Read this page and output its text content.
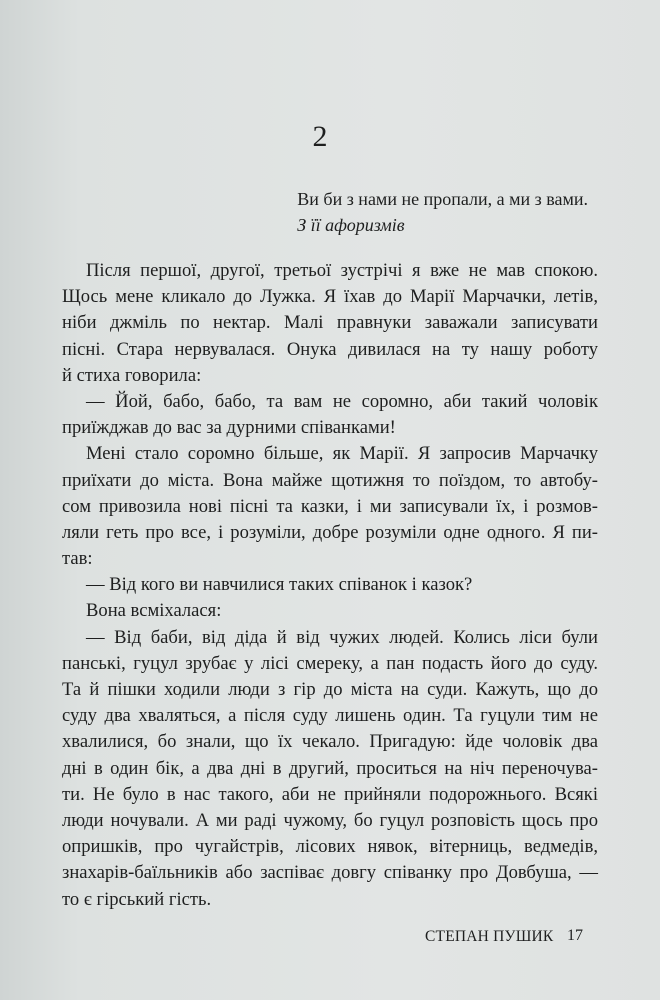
2
Ви би з нами не пропали, а ми з вами.
З її афоризмів
Після першої, другої, третьої зустрічі я вже не мав спокою.
Щось мене кликало до Лужка. Я їхав до Марії Марчачки, летів,
ніби джміль по нектар. Малі правнуки заважали записувати
пісні. Стара нервувалася. Онука дивилася на ту нашу роботу
й стиха говорила:
— Йой, бабо, бабо, та вам не соромно, аби такий чоловік
приїжджав до вас за дурними співанками!
Мені стало соромно більше, як Марії. Я запросив Марчачку
приїхати до міста. Вона майже щотижня то поїздом, то автобу-
сом привозила нові пісні та казки, і ми записували їх, і розмов-
ляли геть про все, і розуміли, добре розуміли одне одного. Я пи-
тав:
— Від кого ви навчилися таких співанок і казок?
Вона всміхалася:
— Від баби, від діда й від чужих людей. Колись ліси були
панські, гуцул зрубає у лісі смереку, а пан подасть його до суду.
Та й пішки ходили люди з гір до міста на суди. Кажуть, що до
суду два хваляться, а після суду лишень один. Та гуцули тим не
хвалилися, бо знали, що їх чекало. Пригадую: йде чоловік два
дні в один бік, а два дні в другий, проситься на ніч переночува-
ти. Не було в нас такого, аби не прийняли подорожнього. Всякі
люди ночували. А ми раді чужому, бо гуцул розповість щось про
опришків, про чугайстрів, лісових нявок, вітерниць, ведмедів,
знахарів-баїльників або заспіває довгу співанку про Довбуша, —
то є гірський гість.
СТЕПАН ПУШИК 17
